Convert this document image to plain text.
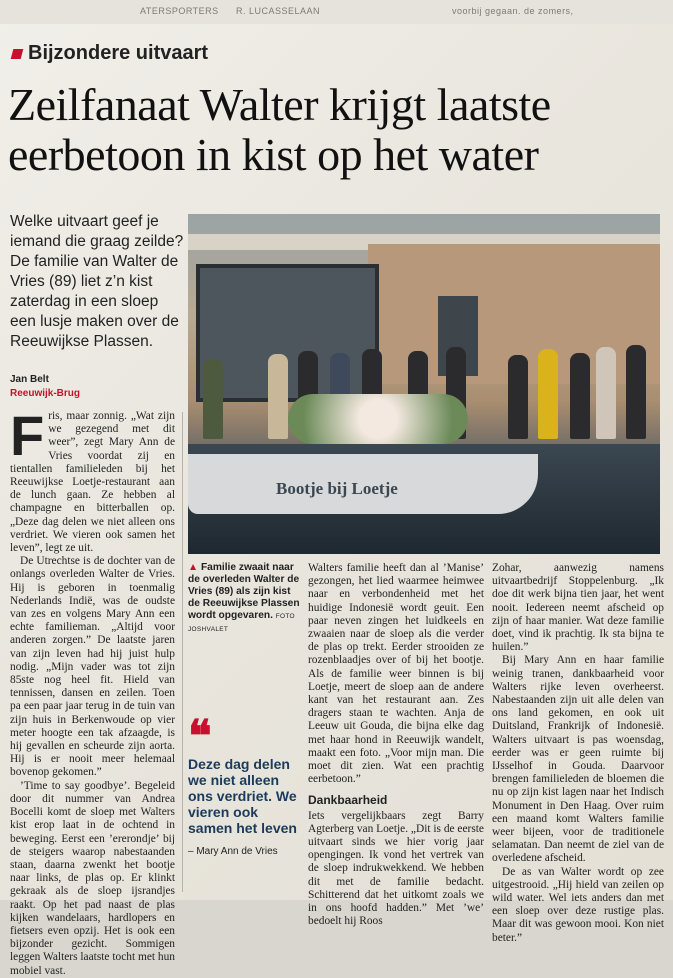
ATERSPORTERS R. LUCASSELAAN	voorbij gegaan. de zomers,
Bijzondere uitvaart
Zeilfanaat Walter krijgt laatste eerbetoon in kist op het water
Welke uitvaart geef je iemand die graag zeilde? De familie van Walter de Vries (89) liet z’n kist zaterdag in een sloep een lusje maken over de Reeuwijkse Plassen.
Bootje bij Loetje
Jan Belt
Reeuwijk-Brug

Fris, maar zonnig. „Wat zijn we gezegend met dit weer”, zegt Mary Ann de Vries voordat zij en tientallen familieleden bij het Reeuwijkse Loetje-restaurant aan de lunch gaan. Ze hebben al champagne en bitterballen op. „Deze dag delen we niet alleen ons verdriet. We vieren ook samen het leven”, legt ze uit.

De Utrechtse is de dochter van de onlangs overleden Walter de Vries. Hij is geboren in toenmalig Nederlands Indië, was de oudste van zes en volgens Mary Ann een echte familieman. „Altijd voor anderen zorgen.” De laatste jaren van zijn leven had hij juist hulp nodig. „Mijn vader was tot zijn 85ste nog heel fit. Hield van tennissen, dansen en zeilen. Toen pa een paar jaar terug in de tuin van zijn huis in Berkenwoude op vier meter hoogte een tak afzaagde, is hij gevallen en scheurde zijn aorta. Hij is er nooit meer helemaal bovenop gekomen.”

’Time to say goodbye’. Begeleid door dit nummer van Andrea Bocelli komt de sloep met Walters kist erop laat in de ochtend in beweging. Eerst een ’ererondje’ bij de steigers waarop nabestaanden staan, daarna zwenkt het bootje naar links, de plas op. Er klinkt gekraak als de sloep ijsrandjes raakt. Op het pad naast de plas kijken wandelaars, hardlopers en fietsers even opzij. Het is ook een bijzonder gezicht. Sommigen leggen Walters laatste tocht met hun mobiel vast.

▲ Familie zwaait naar de overleden Walter de Vries (89) als zijn kist de Reeuwijkse Plassen wordt opgevaren. FOTO JOSHVALET
❝
Deze dag delen we niet alleen ons verdriet. We vieren ook samen het leven
– Mary Ann de Vries

Walters familie heeft dan al ’Manise’ gezongen, het lied waarmee heimwee naar en verbondenheid met het huidige Indonesië wordt geuit. Een paar neven zingen het luidkeels en zwaaien naar de sloep als die verder de plas op trekt. Eerder strooiden ze rozenblaadjes over of bij het bootje. Als de familie weer binnen is bij Loetje, meert de sloep aan de andere kant van het restaurant aan. Zes dragers staan te wachten. Anja de Leeuw uit Gouda, die bijna elke dag met haar hond in Reeuwijk wandelt, maakt een foto. „Voor mijn man. Die moet dit zien. Wat een prachtig eerbetoon.”

Dankbaarheid

Iets vergelijkbaars zegt Barry Agterberg van Loetje. „Dit is de eerste uitvaart sinds we hier vorig jaar opengingen. Ik vond het vertrek van de sloep indrukwekkend. We hebben dit met de familie bedacht. Schitterend dat het uitkomt zoals we in ons hoofd hadden.” Met ’we’ bedoelt hij Roos

Zohar, aanwezig namens uitvaartbedrijf Stoppelenburg. „Ik doe dit werk bijna tien jaar, het went nooit. Iedereen neemt afscheid op zijn of haar manier. Wat deze familie doet, vind ik prachtig. Ik sta bijna te huilen.”

Bij Mary Ann en haar familie weinig tranen, dankbaarheid voor Walters rijke leven overheerst. Nabestaanden zijn uit alle delen van ons land gekomen, en ook uit Duitsland, Frankrijk of Indonesië. Walters uitvaart is pas woensdag, eerder was er geen ruimte bij IJsselhof in Gouda. Daarvoor brengen familieleden de bloemen die nu op zijn kist lagen naar het Indisch Monument in Den Haag. Over ruim een maand komt Walters familie weer bijeen, voor de traditionele selamatan. Dan neemt de ziel van de overledene afscheid.

De as van Walter wordt op zee uitgestrooid. „Hij hield van zeilen op wild water. Wel iets anders dan met een sloep over deze rustige plas. Maar dit was gewoon mooi. Kon niet beter.”
